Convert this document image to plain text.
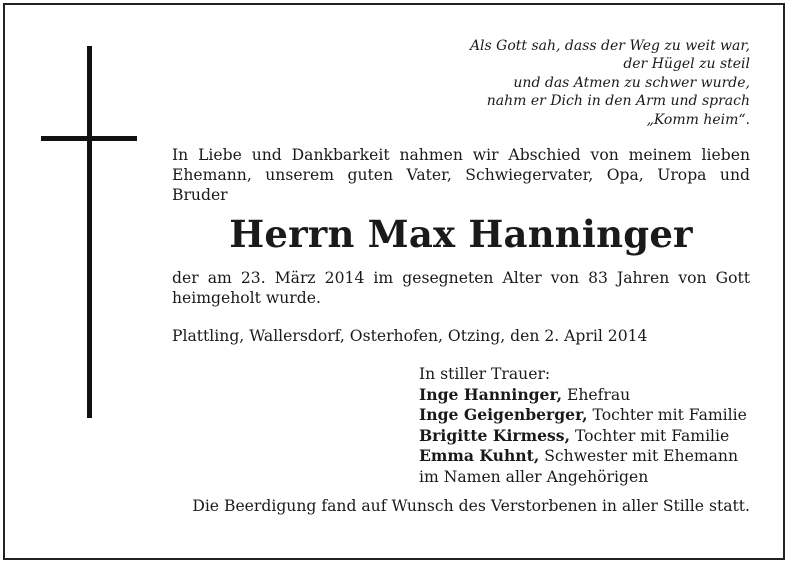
Als Gott sah, dass der Weg zu weit war,
der Hügel zu steil
und das Atmen zu schwer wurde,
nahm er Dich in den Arm und sprach
„Komm heim“.
In Liebe und Dankbarkeit nahmen wir Abschied von meinem lieben Ehemann, unserem guten Vater, Schwiegervater, Opa, Uropa und Bruder
Herrn Max Hanninger
der am 23. März 2014 im gesegneten Alter von 83 Jahren von Gott heimgeholt wurde.
Plattling, Wallersdorf, Osterhofen, Otzing, den 2. April 2014
In stiller Trauer:
Inge Hanninger, Ehefrau
Inge Geigenberger, Tochter mit Familie
Brigitte Kirmess, Tochter mit Familie
Emma Kuhnt, Schwester mit Ehemann
im Namen aller Angehörigen
Die Beerdigung fand auf Wunsch des Verstorbenen in aller Stille statt.
